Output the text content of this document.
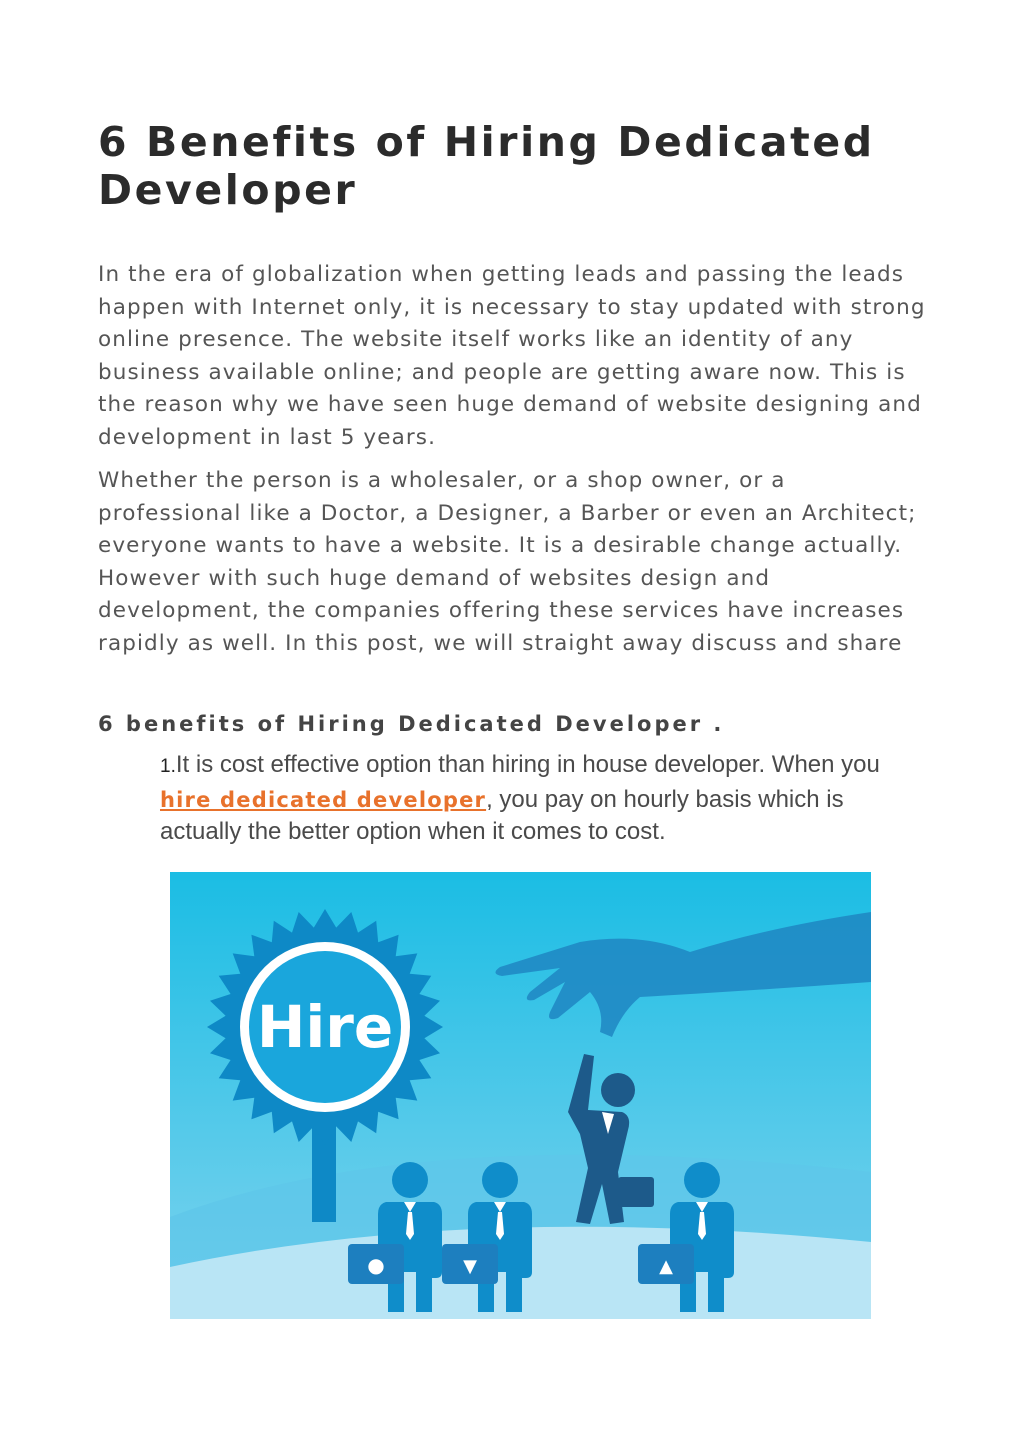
6 Benefits of Hiring Dedicated Developer

In the era of globalization when getting leads and passing the leads happen with Internet only, it is necessary to stay updated with strong online presence. The website itself works like an identity of any business available online; and people are getting aware now. This is the reason why we have seen huge demand of website designing and development in last 5 years.

Whether the person is a wholesaler, or a shop owner, or a professional like a Doctor, a Designer, a Barber or even an Architect; everyone wants to have a website. It is a desirable change actually. However with such huge demand of websites design and development, the companies offering these services have increases rapidly as well. In this post, we will straight away discuss and share

6 benefits of Hiring Dedicated Developer .

1.It is cost effective option than hiring in house developer. When you hire dedicated developer, you pay on hourly basis which is actually the better option when it comes to cost.

Hire
●	▼	▲
